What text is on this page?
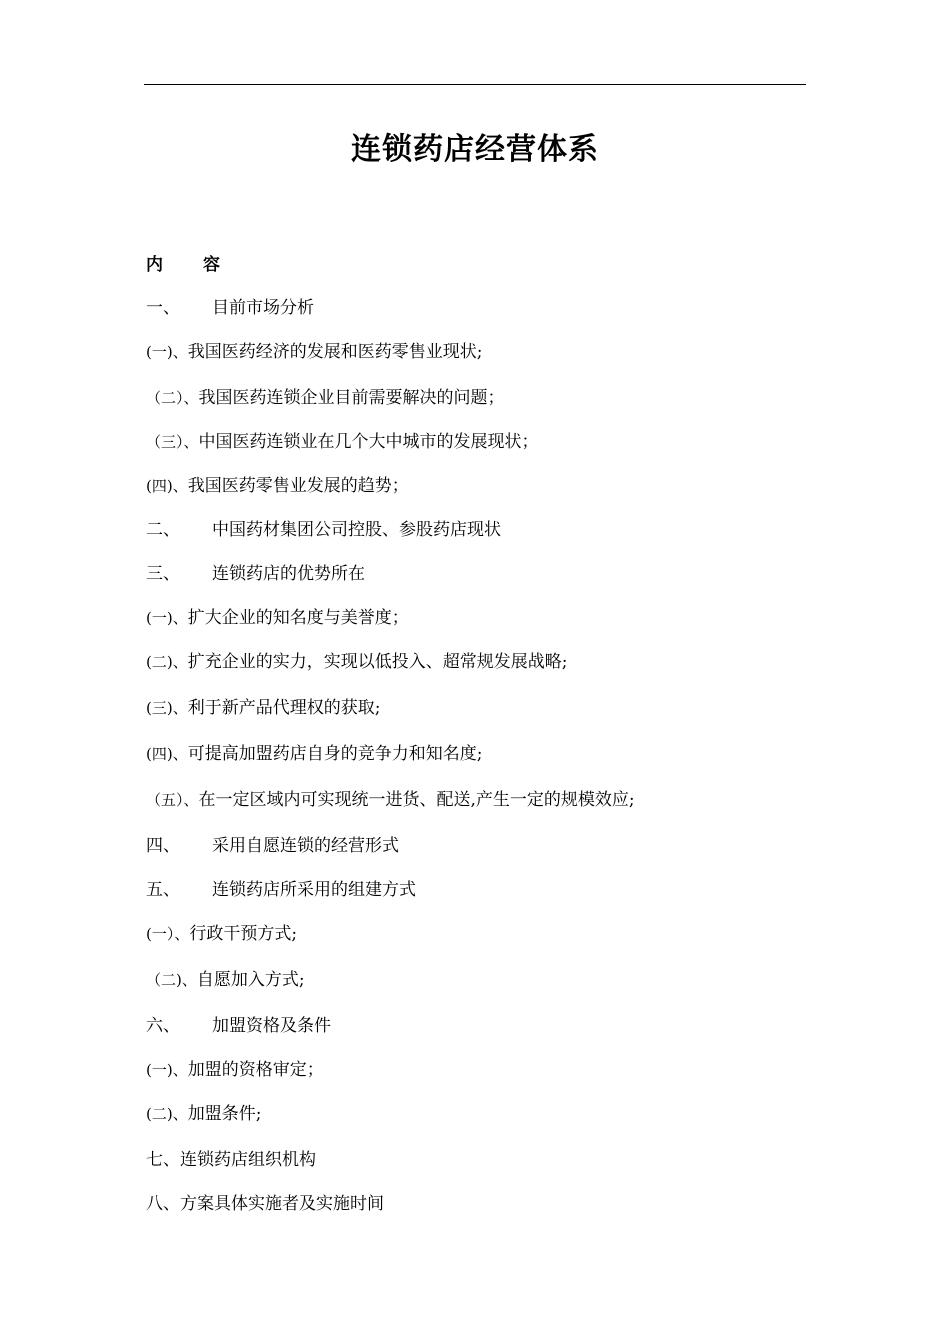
连锁药店经营体系
内 容
一、 目前市场分析
(一)、我国医药经济的发展和医药零售业现状;
（二）、我国医药连锁企业目前需要解决的问题；
（三）、中国医药连锁业在几个大中城市的发展现状；
(四)、我国医药零售业发展的趋势；
二、 中国药材集团公司控股、参股药店现状
三、 连锁药店的优势所在
(一)、扩大企业的知名度与美誉度；
(二)、扩充企业的实力，实现以低投入、超常规发展战略;
(三)、利于新产品代理权的获取;
(四)、可提高加盟药店自身的竞争力和知名度;
（五）、在一定区域内可实现统一进货、配送,产生一定的规模效应;
四、 采用自愿连锁的经营形式
五、 连锁药店所采用的组建方式
(一）、行政干预方式;
（二)、自愿加入方式;
六、 加盟资格及条件
(一)、加盟的资格审定；
(二)、加盟条件;
七、连锁药店组织机构
八、方案具体实施者及实施时间
